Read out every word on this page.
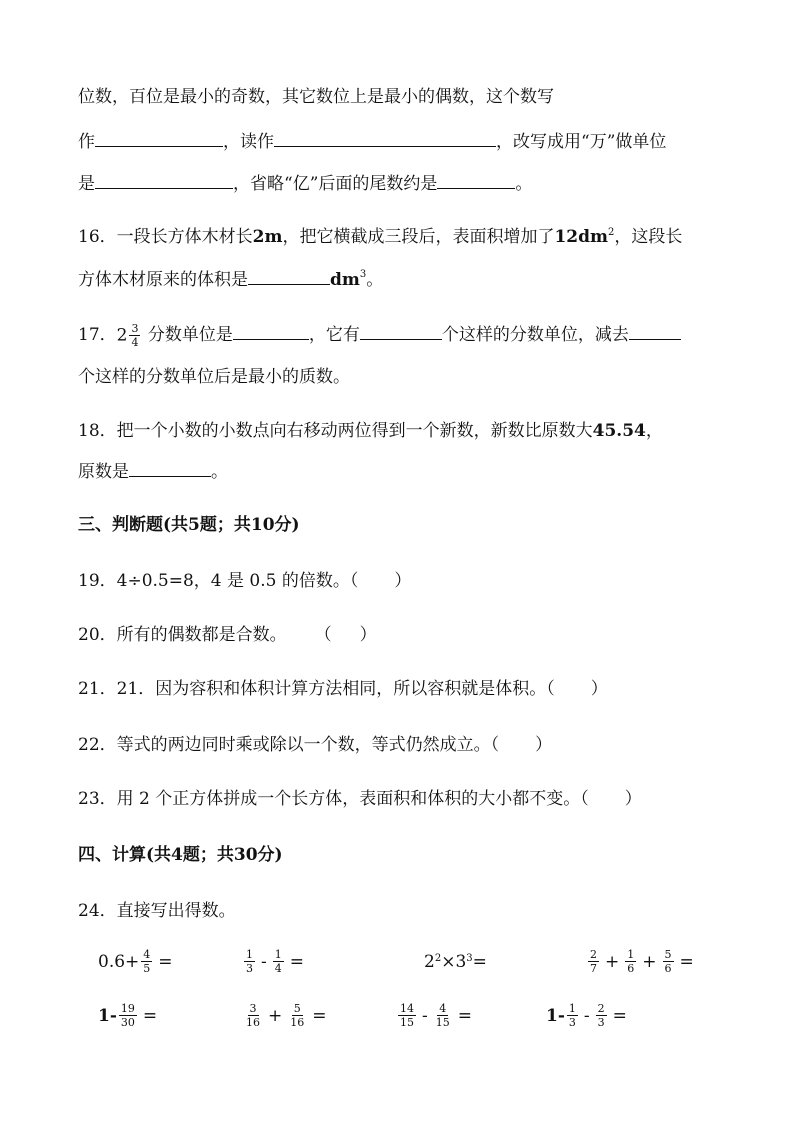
位数，百位是最小的奇数，其它数位上是最小的偶数，这个数写
作	，读作	，改写成用“万”做单位
是	，省略“亿”后面的尾数约是	。
16．一段长方体木材长2m，把它横截成三段后，表面积增加了$12dm^2$，这段长
方体木材原来的体积是	$dm^3$。
17．$2 \frac{3}{4}$ 分数单位是	，它有	个这样的分数单位，减去
个这样的分数单位后是最小的质数。
18．把一个小数的小数点向右移动两位得到一个新数，新数比原数大45.54，
原数是	。
三、判断题(共5题；共10分)
19．4÷0.5=8，4 是 0.5 的倍数。（ ）
20．所有的偶数都是合数。 （ ）
21．21．因为容积和体积计算方法相同，所以容积就是体积。（ ）
22．等式的两边同时乘或除以一个数，等式仍然成立。（ ）
23．用 2 个正方体拼成一个长方体，表面积和体积的大小都不变。（ ）
四、计算(共4题；共30分)
24．直接写出得数。
$0.6+ \frac{4}{5}$ =	$\frac{1}{3} - \frac{1}{4}$ =	2 2 × 3 3 =	$\frac{2}{7} + \frac{1}{6} + \frac{5}{6}$ =
$1- \frac{19}{30}$ =	$\frac{3}{16} + \frac{5}{16}$ =	$\frac{14}{15} - \frac{4}{15}$ =	$1- \frac{1}{3} - \frac{2}{3}$ =
